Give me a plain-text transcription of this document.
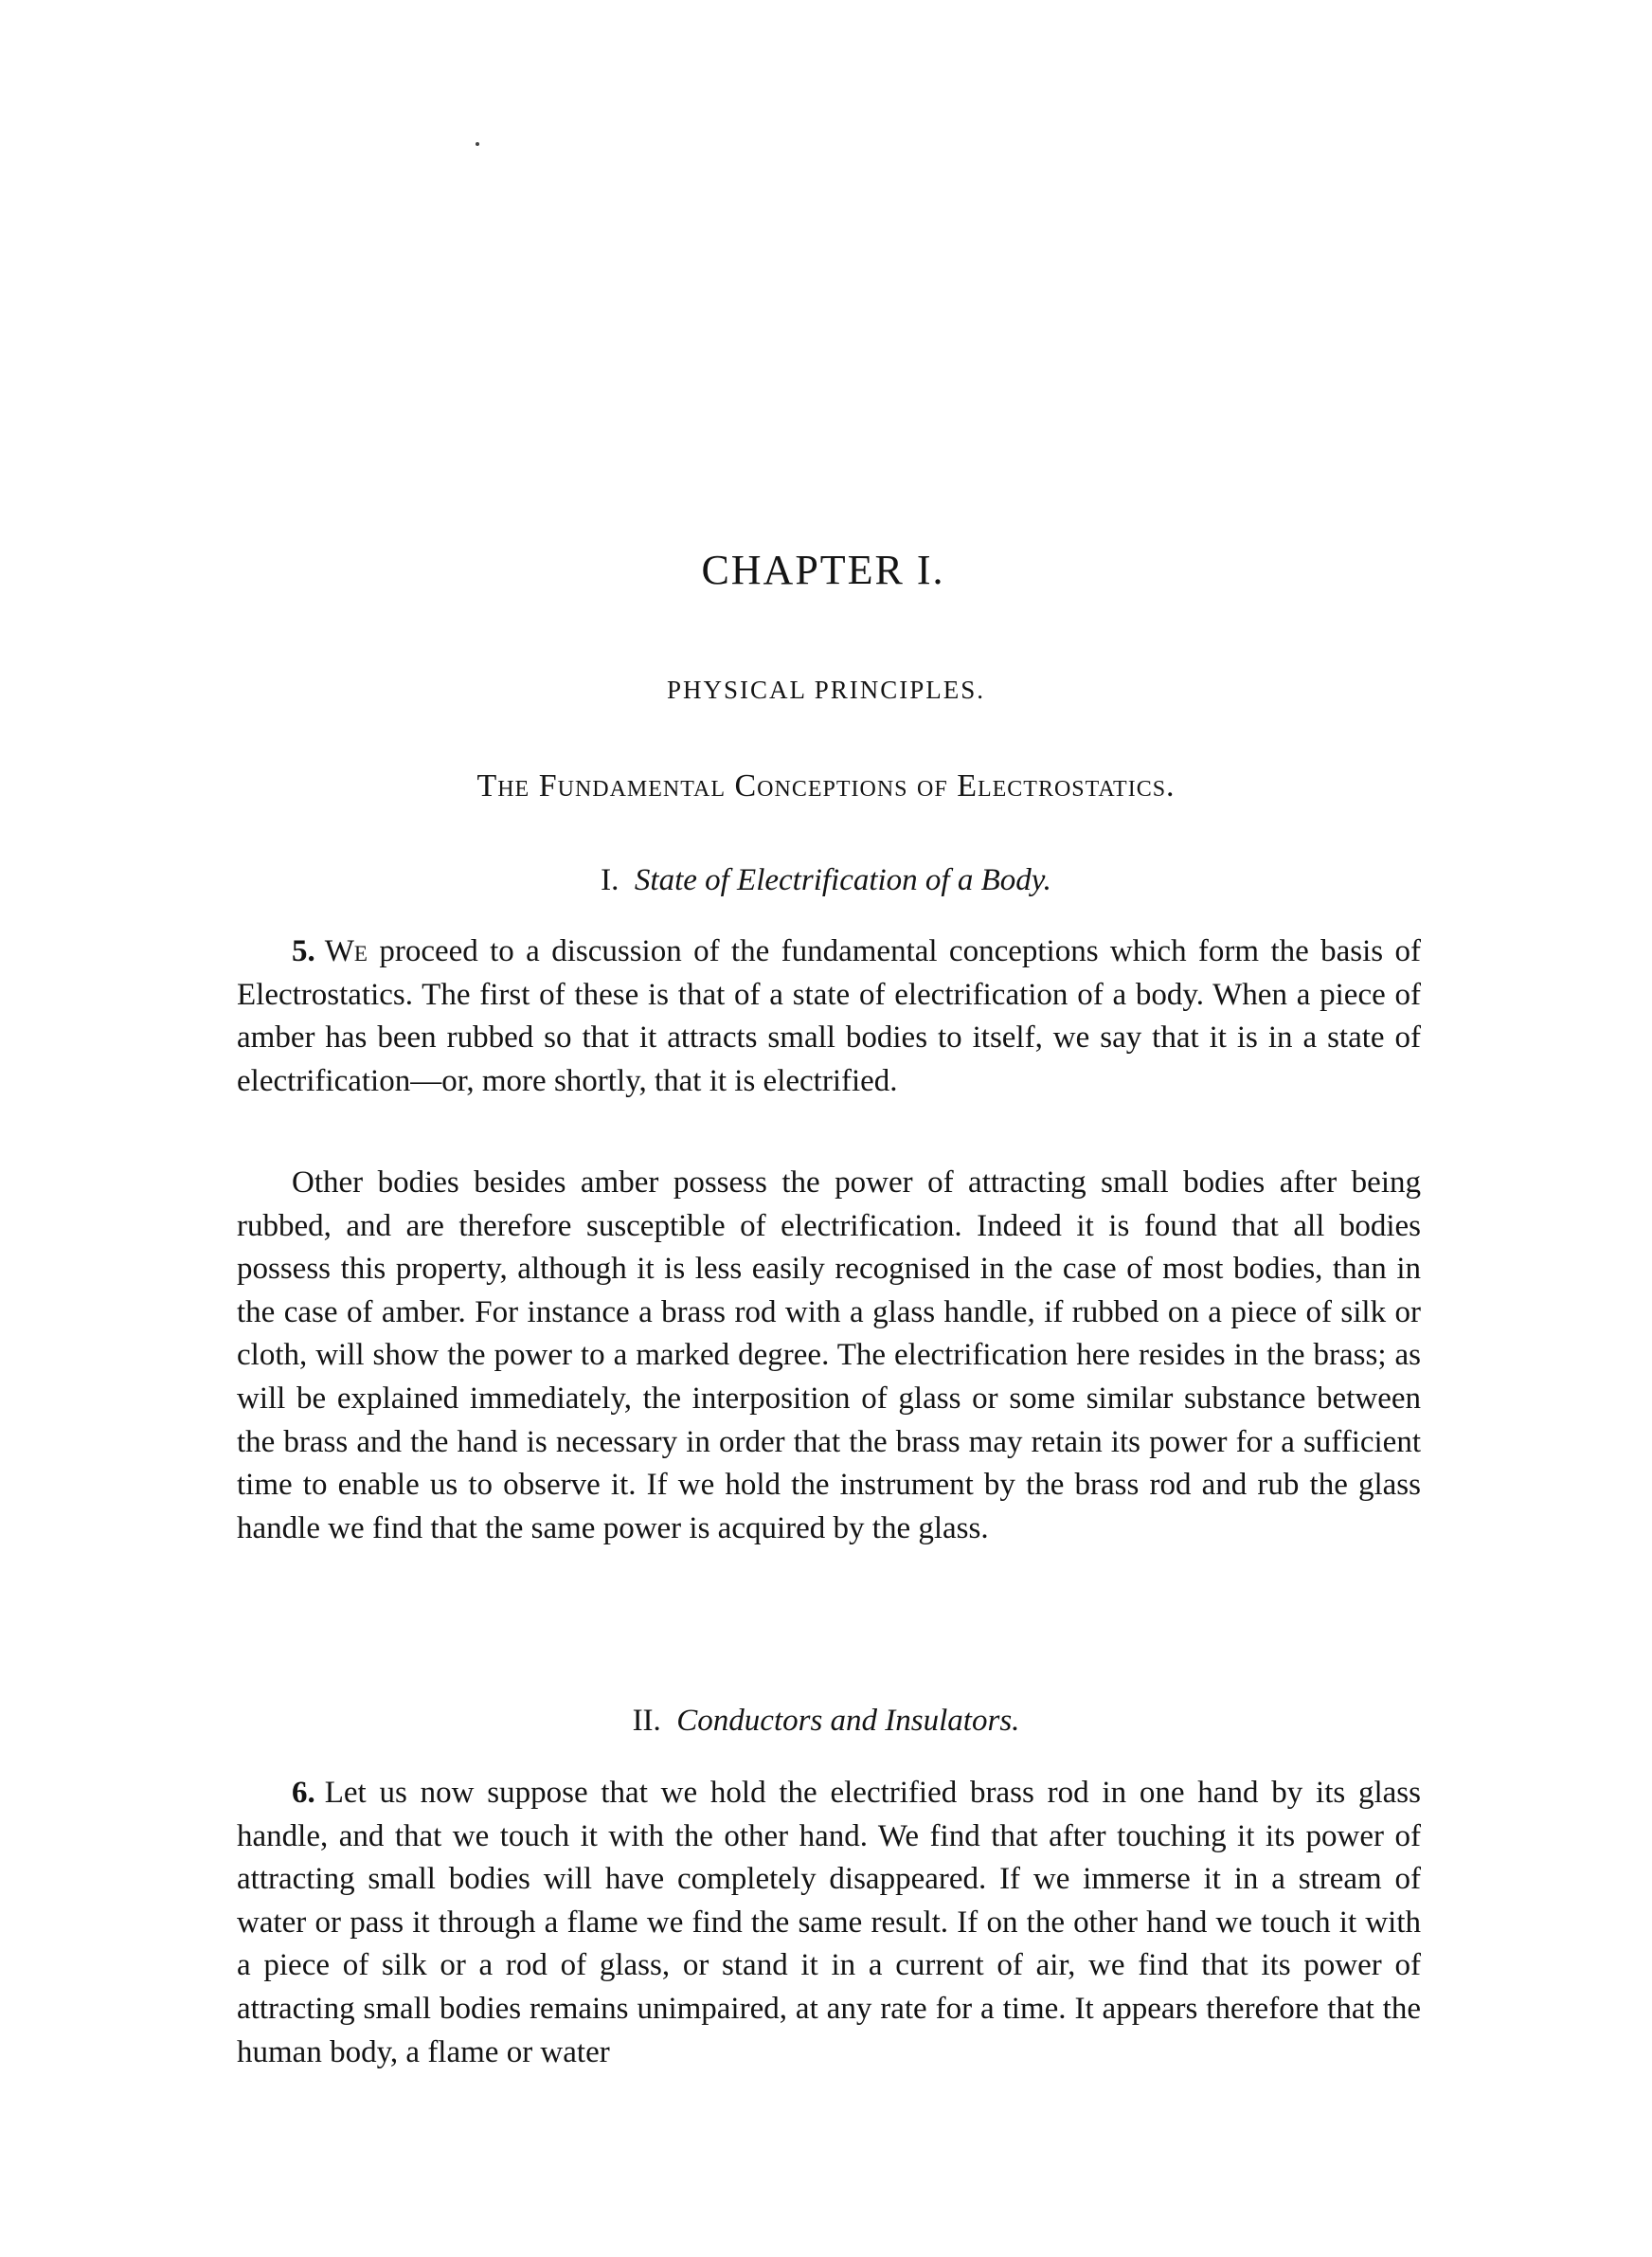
CHAPTER I.
PHYSICAL PRINCIPLES.
The Fundamental Conceptions of Electrostatics.
I. State of Electrification of a Body.

5. We proceed to a discussion of the fundamental conceptions which form the basis of Electrostatics. The first of these is that of a state of electrification of a body. When a piece of amber has been rubbed so that it attracts small bodies to itself, we say that it is in a state of electrification—or, more shortly, that it is electrified.

Other bodies besides amber possess the power of attracting small bodies after being rubbed, and are therefore susceptible of electrification. Indeed it is found that all bodies possess this property, although it is less easily recognised in the case of most bodies, than in the case of amber. For instance a brass rod with a glass handle, if rubbed on a piece of silk or cloth, will show the power to a marked degree. The electrification here resides in the brass; as will be explained immediately, the interposition of glass or some similar substance between the brass and the hand is necessary in order that the brass may retain its power for a sufficient time to enable us to observe it. If we hold the instrument by the brass rod and rub the glass handle we find that the same power is acquired by the glass.

II. Conductors and Insulators.

6. Let us now suppose that we hold the electrified brass rod in one hand by its glass handle, and that we touch it with the other hand. We find that after touching it its power of attracting small bodies will have completely disappeared. If we immerse it in a stream of water or pass it through a flame we find the same result. If on the other hand we touch it with a piece of silk or a rod of glass, or stand it in a current of air, we find that its power of attracting small bodies remains unimpaired, at any rate for a time. It appears therefore that the human body, a flame or water
